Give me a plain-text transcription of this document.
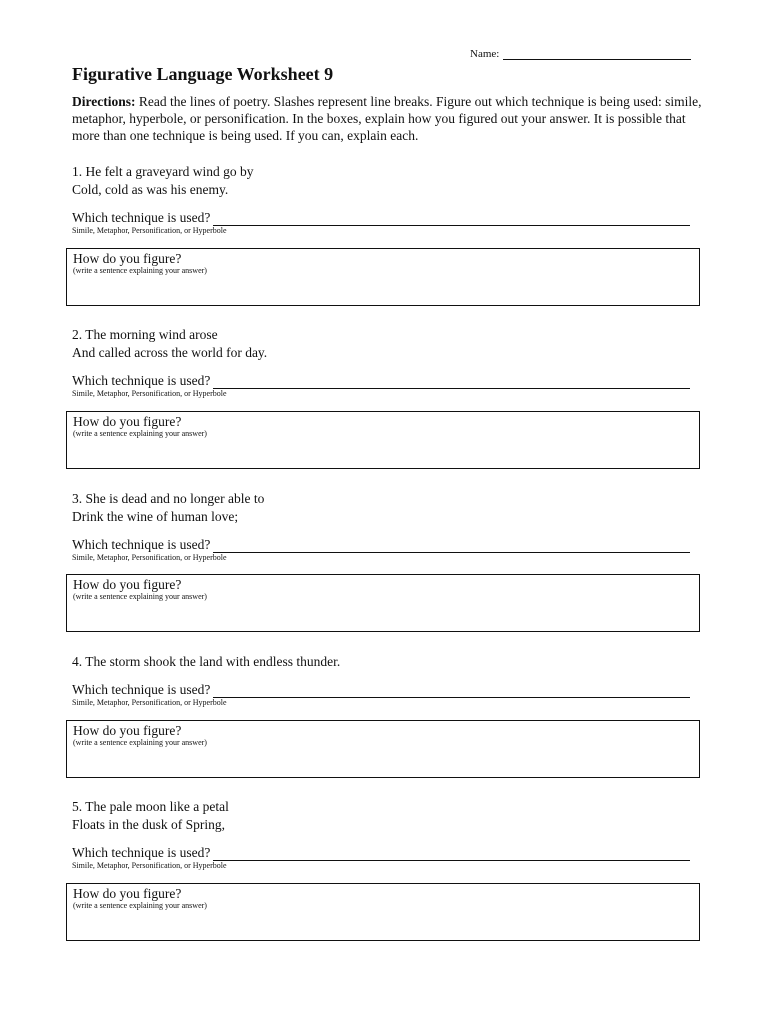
Name:
Figurative Language Worksheet 9
Directions: Read the lines of poetry. Slashes represent line breaks. Figure out which technique is being used: simile, metaphor, hyperbole, or personification. In the boxes, explain how you figured out your answer. It is possible that more than one technique is being used. If you can, explain each.
1. He felt a graveyard wind go by
Cold, cold as was his enemy.
Which technique is used?
Simile, Metaphor, Personification, or Hyperbole
How do you figure?
(write a sentence explaining your answer)
2. The morning wind arose
And called across the world for day.
Which technique is used?
Simile, Metaphor, Personification, or Hyperbole
How do you figure?
(write a sentence explaining your answer)
3. She is dead and no longer able to
Drink the wine of human love;
Which technique is used?
Simile, Metaphor, Personification, or Hyperbole
How do you figure?
(write a sentence explaining your answer)
4. The storm shook the land with endless thunder.
Which technique is used?
Simile, Metaphor, Personification, or Hyperbole
How do you figure?
(write a sentence explaining your answer)
5. The pale moon like a petal
Floats in the dusk of Spring,
Which technique is used?
Simile, Metaphor, Personification, or Hyperbole
How do you figure?
(write a sentence explaining your answer)
